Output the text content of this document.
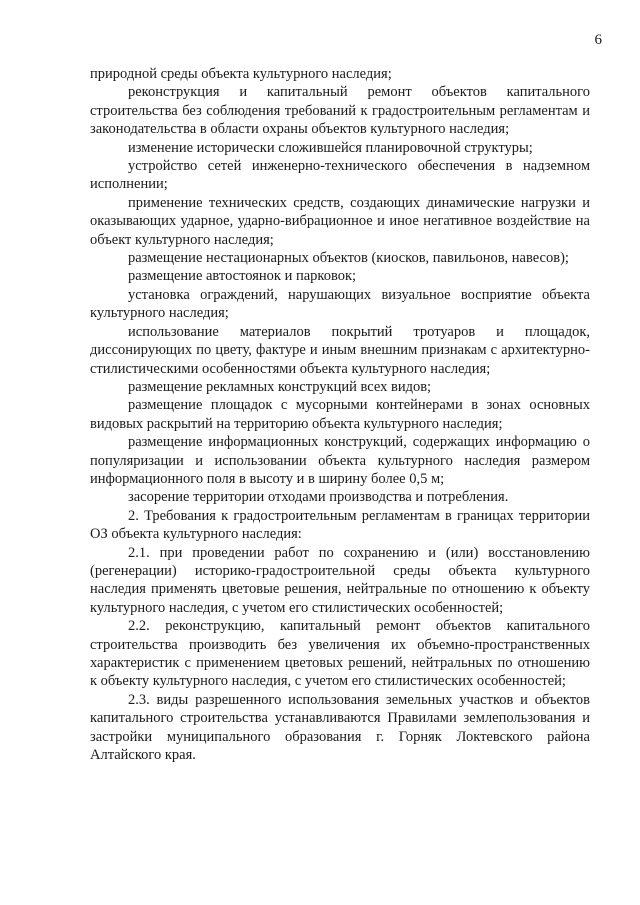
6

природной среды объекта культурного наследия;

реконструкция и капитальный ремонт объектов капитального строительства без соблюдения требований к градостроительным регламентам и законодательства в области охраны объектов культурного наследия;

изменение исторически сложившейся планировочной структуры;

устройство сетей инженерно-технического обеспечения в надземном исполнении;

применение технических средств, создающих динамические нагрузки и оказывающих ударное, ударно-вибрационное и иное негативное воздействие на объект культурного наследия;

размещение нестационарных объектов (киосков, павильонов, навесов);

размещение автостоянок и парковок;

установка ограждений, нарушающих визуальное восприятие объекта культурного наследия;

использование материалов покрытий тротуаров и площадок, диссонирующих по цвету, фактуре и иным внешним признакам с архитектурно-стилистическими особенностями объекта культурного наследия;

размещение рекламных конструкций всех видов;

размещение площадок с мусорными контейнерами в зонах основных видовых раскрытий на территорию объекта культурного наследия;

размещение информационных конструкций, содержащих информацию о популяризации и использовании объекта культурного наследия размером информационного поля в высоту и в ширину более 0,5 м;

засорение территории отходами производства и потребления.

2. Требования к градостроительным регламентам в границах территории ОЗ объекта культурного наследия:

2.1. при проведении работ по сохранению и (или) восстановлению (регенерации) историко-градостроительной среды объекта культурного наследия применять цветовые решения, нейтральные по отношению к объекту культурного наследия, с учетом его стилистических особенностей;

2.2. реконструкцию, капитальный ремонт объектов капитального строительства производить без увеличения их объемно-пространственных характеристик с применением цветовых решений, нейтральных по отношению к объекту культурного наследия, с учетом его стилистических особенностей;

2.3. виды разрешенного использования земельных участков и объектов капитального строительства устанавливаются Правилами землепользования и застройки муниципального образования г. Горняк Локтевского района Алтайского края.
